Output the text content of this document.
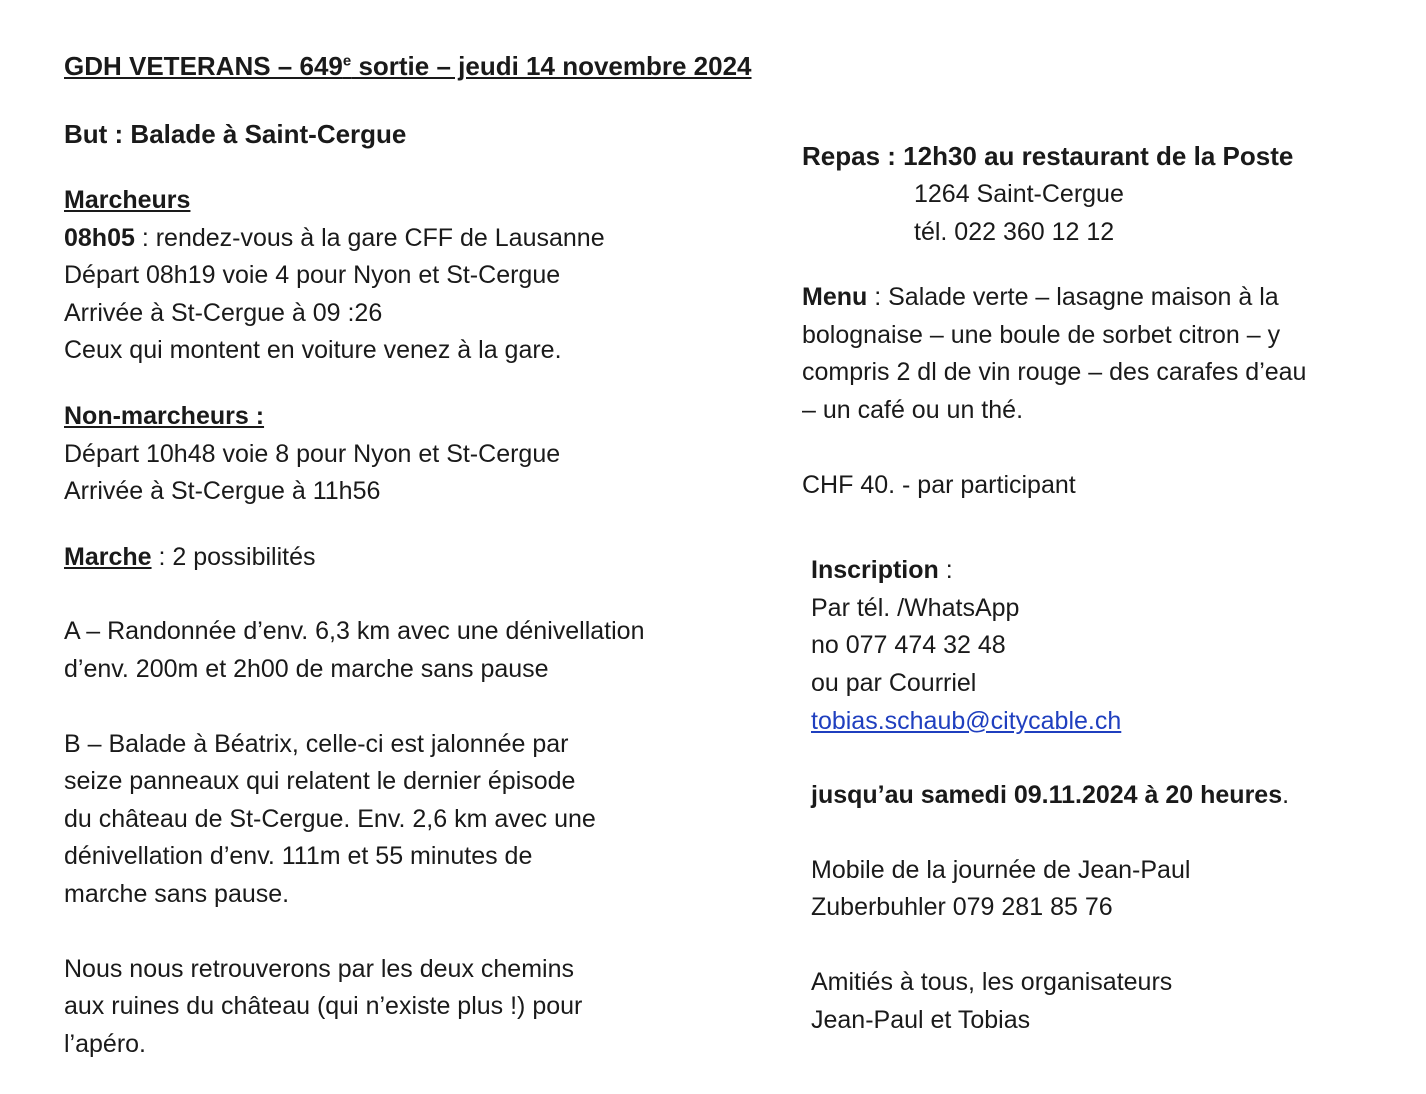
GDH VETERANS – 649e sortie – jeudi 14 novembre 2024
But : Balade à Saint-Cergue
Marcheurs
08h05 : rendez-vous à la gare CFF de Lausanne
Départ 08h19 voie 4 pour Nyon et St-Cergue
Arrivée à St-Cergue à 09 :26
Ceux qui montent en voiture venez à la gare.
Non-marcheurs :
Départ 10h48 voie 8 pour Nyon et St-Cergue
Arrivée à St-Cergue à 11h56
Marche : 2 possibilités
A – Randonnée d’env. 6,3 km avec une dénivellation
d’env. 200m et 2h00 de marche sans pause
B – Balade à Béatrix, celle-ci est jalonnée par
seize panneaux qui relatent le dernier épisode
du château de St-Cergue. Env. 2,6 km avec une
dénivellation d’env. 111m et 55 minutes de
marche sans pause.
Nous nous retrouverons par les deux chemins
aux ruines du château (qui n’existe plus !) pour
l’apéro.
Repas : 12h30 au restaurant de la Poste
1264 Saint-Cergue
tél. 022 360 12 12
Menu : Salade verte – lasagne maison à la
bolognaise – une boule de sorbet citron – y
compris 2 dl de vin rouge – des carafes d’eau
– un café ou un thé.
CHF 40. - par participant
Inscription :
Par tél. /WhatsApp
no 077 474 32 48
ou par Courriel
tobias.schaub@citycable.ch
jusqu’au samedi 09.11.2024 à 20 heures.
Mobile de la journée de Jean-Paul
Zuberbuhler 079 281 85 76
Amitiés à tous, les organisateurs
Jean-Paul et Tobias
